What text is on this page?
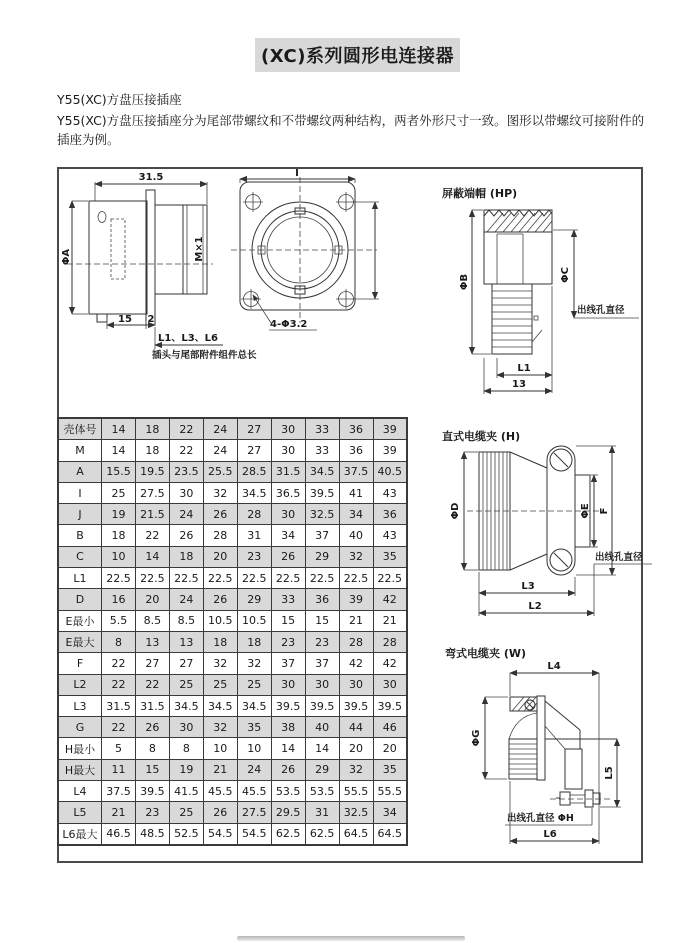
(XC)系列圆形电连接器

Y55(XC)方盘压接插座

Y55(XC)方盘压接插座分为尾部带螺纹和不带螺纹两种结构，两者外形尺寸一致。图形以带螺纹可接附件的插座为例。

31.5
M×1
ΦA
15 2
L1、L3、L6
插头与尾部附件组件总长
I
4-Φ3.2
屏蔽端帽 (HP)
ΦB	ΦC
出线孔直径
L1
13
直式电缆夹 (H)
ΦD	ΦE F
出线孔直径
L3
L2
弯式电缆夹 (W)
L4
ΦG
L5
出线孔直径 ΦH
L6
壳体号	14	18	22	24	27	30	33	36	39
M	14	18	22	24	27	30	33	36	39
A	15.5	19.5	23.5	25.5	28.5	31.5	34.5	37.5	40.5
I	25	27.5	30	32	34.5	36.5	39.5	41	43
J	19	21.5	24	26	28	30	32.5	34	36
B	18	22	26	28	31	34	37	40	43
C	10	14	18	20	23	26	29	32	35
L1	22.5	22.5	22.5	22.5	22.5	22.5	22.5	22.5	22.5
D	16	20	24	26	29	33	36	39	42
E最小	5.5	8.5	8.5	10.5	10.5	15	15	21	21
E最大	8	13	13	18	18	23	23	28	28
F	22	27	27	32	32	37	37	42	42
L2	22	22	25	25	25	30	30	30	30
L3	31.5	31.5	34.5	34.5	34.5	39.5	39.5	39.5	39.5
G	22	26	30	32	35	38	40	44	46
H最小	5	8	8	10	10	14	14	20	20
H最大	11	15	19	21	24	26	29	32	35
L4	37.5	39.5	41.5	45.5	45.5	53.5	53.5	55.5	55.5
L5	21	23	25	26	27.5	29.5	31	32.5	34
L6最大	46.5	48.5	52.5	54.5	54.5	62.5	62.5	64.5	64.5
